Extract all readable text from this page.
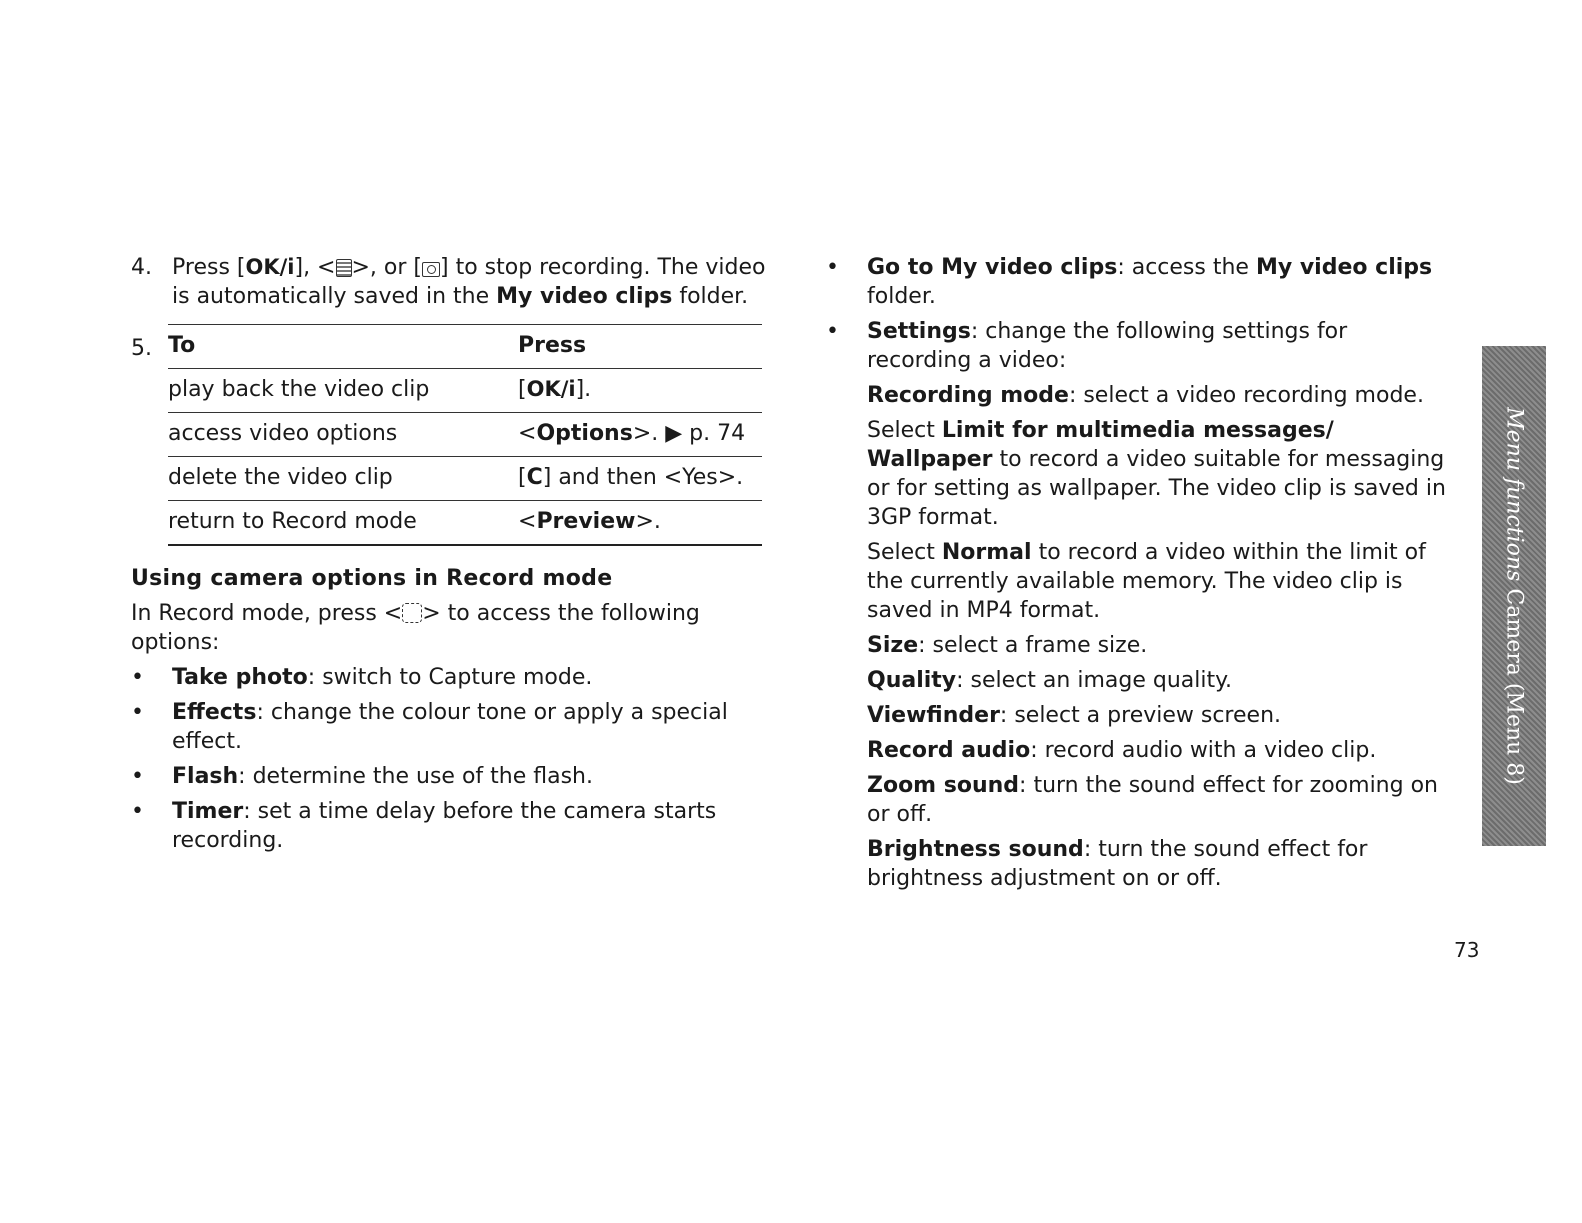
4. Press [OK/i], < >, or [ ] to stop recording. The video is automatically saved in the My video clips folder.
5. To	Press
play back the video clip	[OK/i].
access video options	<Options>. ▶ p. 74
delete the video clip	[C] and then <Yes>.
return to Record mode	<Preview>.
Using camera options in Record mode

In Record mode, press < > to access the following options:

• Take photo: switch to Capture mode.
• Effects: change the colour tone or apply a special effect.
• Flash: determine the use of the flash.
• Timer: set a time delay before the camera starts recording.
• Go to My video clips: access the My video clips folder.
• Settings: change the following settings for recording a video:

Recording mode: select a video recording mode.

Select Limit for multimedia messages/ Wallpaper to record a video suitable for messaging or for setting as wallpaper. The video clip is saved in 3GP format.

Select Normal to record a video within the limit of the currently available memory. The video clip is saved in MP4 format.

Size: select a frame size.

Quality: select an image quality.

Viewfinder: select a preview screen.

Record audio: record audio with a video clip.

Zoom sound: turn the sound effect for zooming on or off.

Brightness sound: turn the sound effect for brightness adjustment on or off.

Menu functions Camera (Menu 8)
73
